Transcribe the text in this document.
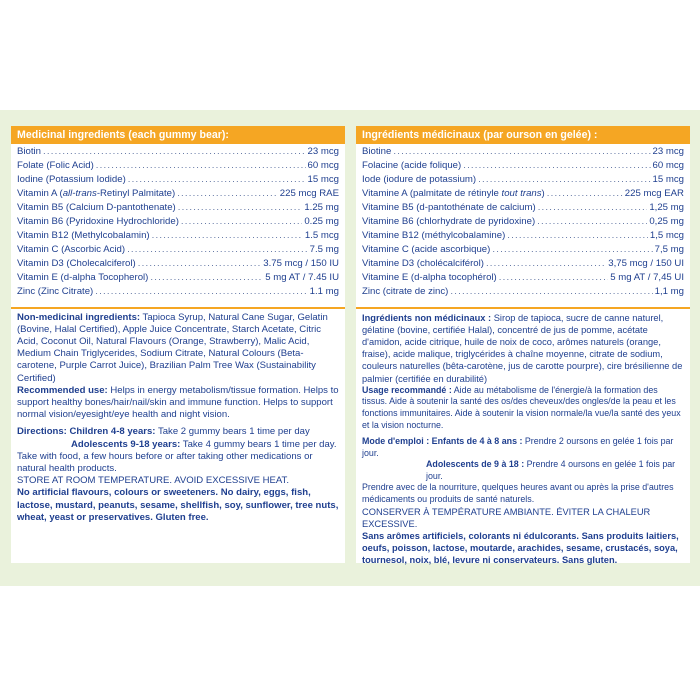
Medicinal ingredients (each gummy bear):
Biotin .....	23 mcg
Folate (Folic Acid) .....	60 mcg
Iodine (Potassium Iodide) .....	15 mcg
Vitamin A (all-trans-Retinyl Palmitate) .....	225 mcg RAE
Vitamin B5 (Calcium D-pantothenate) .....	1.25 mg
Vitamin B6 (Pyridoxine Hydrochloride) .....	0.25 mg
Vitamin B12 (Methylcobalamin) .....	1.5 mcg
Vitamin C (Ascorbic Acid) .....	7.5 mg
Vitamin D3 (Cholecalciferol) .....	3.75 mcg / 150 IU
Vitamin E (d-alpha Tocopherol) .....	5 mg AT / 7.45 IU
Zinc (Zinc Citrate) .....	1.1 mg

Non-medicinal ingredients: Tapioca Syrup, Natural Cane Sugar, Gelatin (Bovine, Halal Certified), Apple Juice Concentrate, Starch Acetate, Citric Acid, Coconut Oil, Natural Flavours (Orange, Strawberry), Malic Acid, Medium Chain Triglycerides, Sodium Citrate, Natural Colours (Beta-carotene, Purple Carrot Juice), Brazilian Palm Tree Wax (Sustainability Certified)

Recommended use: Helps in energy metabolism/tissue formation. Helps to support healthy bones/hair/nail/skin and immune function. Helps to support normal vision/eyesight/eye health and night vision.

Directions: Children 4-8 years: Take 2 gummy bears 1 time per day

Adolescents 9-18 years: Take 4 gummy bears 1 time per day.

Take with food, a few hours before or after taking other medications or natural health products.

STORE AT ROOM TEMPERATURE. AVOID EXCESSIVE HEAT.

No artificial flavours, colours or sweeteners. No dairy, eggs, fish, lactose, mustard, peanuts, sesame, shellfish, soy, sunflower, tree nuts, wheat, yeast or preservatives. Gluten free.

Ingrédients médicinaux (par ourson en gelée) :
Biotine .....	23 mcg
Folacine (acide folique) .....	60 mcg
Iode (iodure de potassium) .....	15 mcg
Vitamine A (palmitate de rétinyle tout trans) .....	225 mcg EAR
Vitamine B5 (d-pantothénate de calcium) .....	1,25 mg
Vitamine B6 (chlorhydrate de pyridoxine) .....	0,25 mg
Vitamine B12 (méthylcobalamine) .....	1,5 mcg
Vitamine C (acide ascorbique) .....	7,5 mg
Vitamine D3 (cholécalciférol) .....	3,75 mcg / 150 UI
Vitamine E (d-alpha tocophérol) .....	5 mg AT / 7,45 UI
Zinc (citrate de zinc) .....	1,1 mg

Ingrédients non médicinaux : Sirop de tapioca, sucre de canne naturel, gélatine (bovine, certifiée Halal), concentré de jus de pomme, acétate d'amidon, acide citrique, huile de noix de coco, arômes naturels (orange, fraise), acide malique, triglycérides à chaîne moyenne, citrate de sodium, couleurs naturelles (bêta-carotène, jus de carotte pourpre), cire brésilienne de palmier (certifiée en durabilité)

Usage recommandé : Aide au métabolisme de l'énergie/à la formation des tissus. Aide à soutenir la santé des os/des cheveux/des ongles/de la peau et les fonctions immunitaires. Aide à soutenir la vision normale/la vue/la santé des yeux et la vision nocturne.

Mode d'emploi : Enfants de 4 à 8 ans : Prendre 2 oursons en gelée 1 fois par jour.

Adolescents de 9 à 18 : Prendre 4 oursons en gelée 1 fois par jour.

Prendre avec de la nourriture, quelques heures avant ou après la prise d'autres médicaments ou produits de santé naturels.

CONSERVER À TEMPÉRATURE AMBIANTE. ÉVITER LA CHALEUR EXCESSIVE.

Sans arômes artificiels, colorants ni édulcorants. Sans produits laitiers, oeufs, poisson, lactose, moutarde, arachides, sesame, crustacés, soya, tournesol, noix, blé, levure ni conservateurs. Sans gluten.
